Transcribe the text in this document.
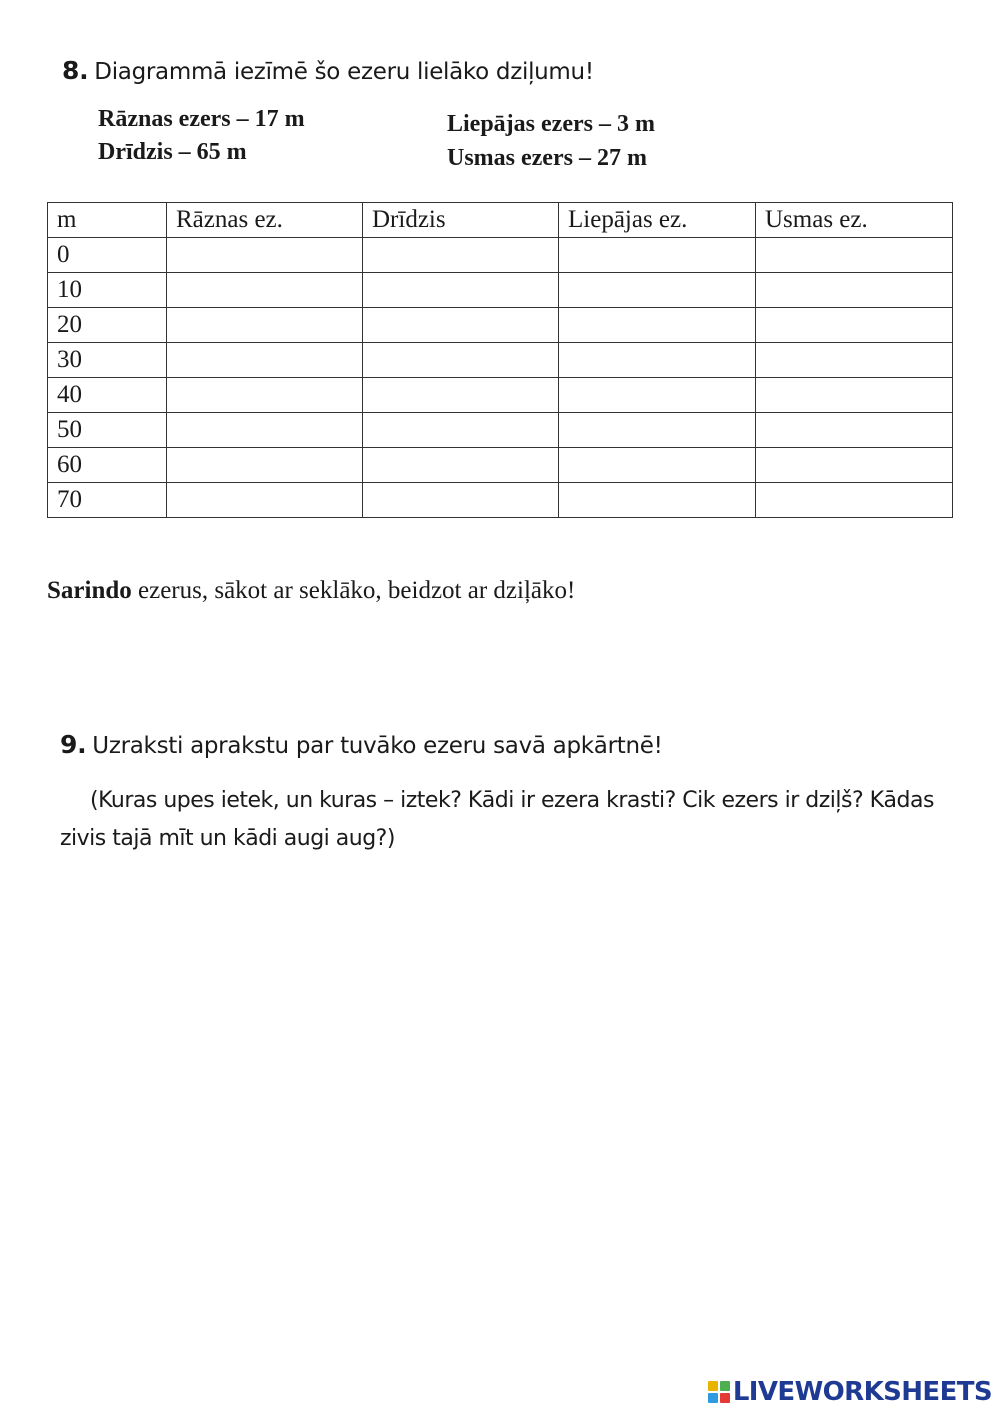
8. Diagrammā iezīmē šo ezeru lielāko dziļumu!
Rāznas ezers – 17 m
Drīdzis – 65 m
Liepājas ezers – 3 m
Usmas ezers – 27 m
m	Rāznas ez.	Drīdzis	Liepājas ez.	Usmas ez.
0				
10				
20				
30				
40				
50				
60				
70				
Sarindo ezerus, sākot ar seklāko, beidzot ar dziļāko!
9. Uzraksti aprakstu par tuvāko ezeru savā apkārtnē!
(Kuras upes ietek, un kuras – iztek? Kādi ir ezera krasti? Cik ezers ir dziļš? Kādas zivis tajā mīt un kādi augi aug?)
LIVEWORKSHEETS
